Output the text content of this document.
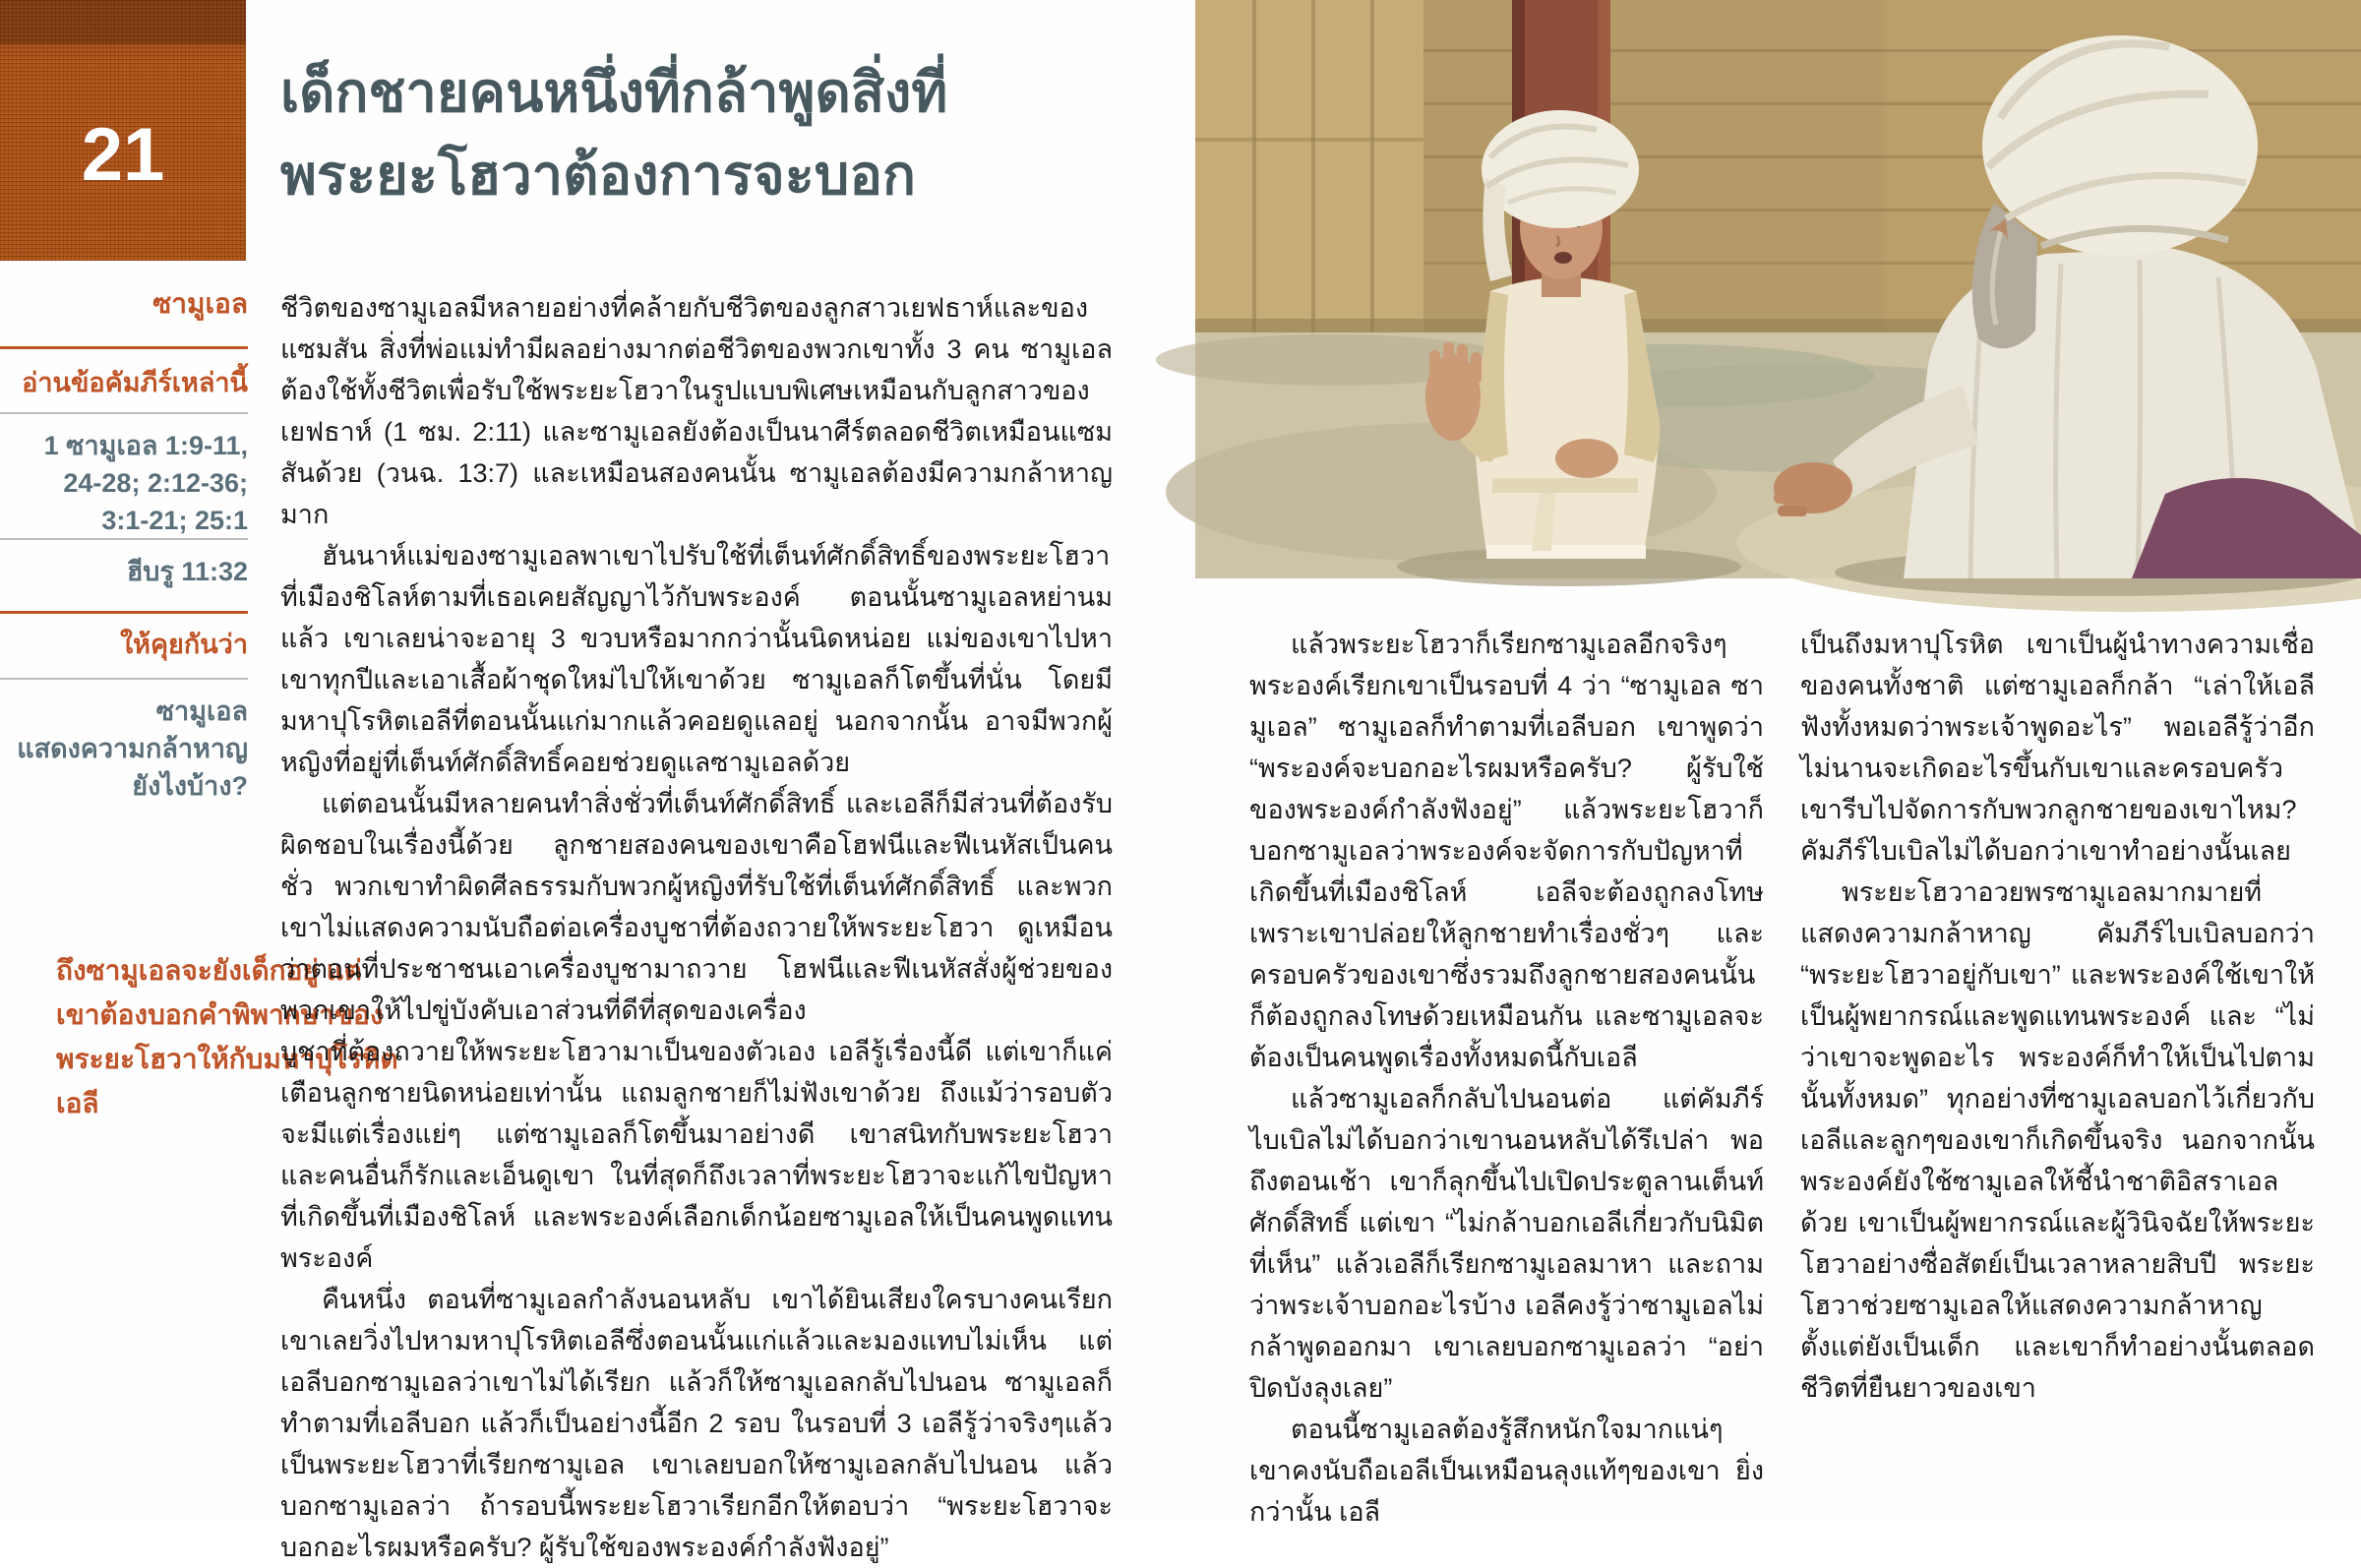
21
ซามูเอล
อ่านข้อคัมภีร์เหล่านี้
1 ซามูเอล 1:9-11,
24-28; 2:12-36;
3:1-21; 25:1
ฮีบรู 11:32
ให้คุยกันว่า
ซามูเอล
แสดงความกล้าหาญ
ยังไงบ้าง?
ถึงซามูเอลจะยังเด็กอยู่ แต่เขาต้องบอกคำพิพากษาของพระยะโฮวาให้กับมหาปุโรหิตเอลี
เด็กชายคนหนึ่งที่กล้าพูดสิ่งที่
พระยะโฮวาต้องการจะบอก

ชีวิตของซามูเอลมีหลายอย่างที่คล้ายกับชีวิตของลูกสาวเยฟธาห์และของแซมสัน สิ่งที่พ่อแม่ทำมีผลอย่างมากต่อชีวิตของพวกเขาทั้ง 3 คน ซามูเอลต้องใช้ทั้งชีวิตเพื่อรับใช้พระยะโฮวาในรูปแบบพิเศษเหมือนกับลูกสาวของเยฟธาห์ (1 ซม. 2:11) และซามูเอลยังต้องเป็นนาศีร์ตลอดชีวิตเหมือนแซมสันด้วย (วนฉ. 13:7) และเหมือนสองคนนั้น ซามูเอลต้องมีความกล้าหาญมาก

ฮันนาห์แม่ของซามูเอลพาเขาไปรับใช้ที่เต็นท์ศักดิ์สิทธิ์ของพระยะโฮวาที่เมืองชิโลห์ตามที่เธอเคยสัญญาไว้กับพระองค์ ตอนนั้นซามูเอลหย่านมแล้ว เขาเลยน่าจะอายุ 3 ขวบหรือมากกว่านั้นนิดหน่อย แม่ของเขาไปหาเขาทุกปีและเอาเสื้อผ้าชุดใหม่ไปให้เขาด้วย ซามูเอลก็โตขึ้นที่นั่น โดยมีมหาปุโรหิตเอลีที่ตอนนั้นแก่มากแล้วคอยดูแลอยู่ นอกจากนั้น อาจมีพวกผู้หญิงที่อยู่ที่เต็นท์ศักดิ์สิทธิ์คอยช่วยดูแลซามูเอลด้วย

แต่ตอนนั้นมีหลายคนทำสิ่งชั่วที่เต็นท์ศักดิ์สิทธิ์ และเอลีก็มีส่วนที่ต้องรับผิดชอบในเรื่องนี้ด้วย ลูกชายสองคนของเขาคือโฮฟนีและฟีเนหัสเป็นคนชั่ว พวกเขาทำผิดศีลธรรมกับพวกผู้หญิงที่รับใช้ที่เต็นท์ศักดิ์สิทธิ์ และพวกเขาไม่แสดงความนับถือต่อเครื่องบูชาที่ต้องถวายให้พระยะโฮวา ดูเหมือนว่าตอนที่ประชาชนเอาเครื่องบูชามาถวาย โฮฟนีและฟีเนหัสสั่งผู้ช่วยของพวกเขาให้ไปขู่บังคับเอาส่วนที่ดีที่สุดของเครื่อง

บูชาที่ต้องถวายให้พระยะโฮวามาเป็นของตัวเอง เอลีรู้เรื่องนี้ดี แต่เขาก็แค่เตือนลูกชายนิดหน่อยเท่านั้น แถมลูกชายก็ไม่ฟังเขาด้วย ถึงแม้ว่ารอบตัวจะมีแต่เรื่องแย่ๆ แต่ซามูเอลก็โตขึ้นมาอย่างดี เขาสนิทกับพระยะโฮวา และคนอื่นก็รักและเอ็นดูเขา ในที่สุดก็ถึงเวลาที่พระยะโฮวาจะแก้ไขปัญหาที่เกิดขึ้นที่เมืองชิโลห์ และพระองค์เลือกเด็กน้อยซามูเอลให้เป็นคนพูดแทนพระองค์

คืนหนึ่ง ตอนที่ซามูเอลกำลังนอนหลับ เขาได้ยินเสียงใครบางคนเรียก เขาเลยวิ่งไปหามหาปุโรหิตเอลีซึ่งตอนนั้นแก่แล้วและมองแทบไม่เห็น แต่เอลีบอกซามูเอลว่าเขาไม่ได้เรียก แล้วก็ให้ซามูเอลกลับไปนอน ซามูเอลก็ทำตามที่เอลีบอก แล้วก็เป็นอย่างนี้อีก 2 รอบ ในรอบที่ 3 เอลีรู้ว่าจริงๆแล้วเป็นพระยะโฮวาที่เรียกซามูเอล เขาเลยบอกให้ซามูเอลกลับไปนอน แล้วบอกซามูเอลว่า ถ้ารอบนี้พระยะโฮวาเรียกอีกให้ตอบว่า “พระยะโฮวาจะบอกอะไรผมหรือครับ? ผู้รับใช้ของพระองค์กำลังฟังอยู่”

แล้วพระยะโฮวาก็เรียกซามูเอลอีกจริงๆ พระองค์เรียกเขาเป็นรอบที่ 4 ว่า “ซามูเอล ซามูเอล” ซามูเอลก็ทำตามที่เอลีบอก เขาพูดว่า “พระองค์จะบอกอะไรผมหรือครับ? ผู้รับใช้ของพระองค์กำลังฟังอยู่” แล้วพระยะโฮวาก็บอกซามูเอลว่าพระองค์จะจัดการกับปัญหาที่เกิดขึ้นที่เมืองชิโลห์ เอลีจะต้องถูกลงโทษเพราะเขาปล่อยให้ลูกชายทำเรื่องชั่วๆ และครอบครัวของเขาซึ่งรวมถึงลูกชายสองคนนั้นก็ต้องถูกลงโทษด้วยเหมือนกัน และซามูเอลจะต้องเป็นคนพูดเรื่องทั้งหมดนี้กับเอลี

แล้วซามูเอลก็กลับไปนอนต่อ แต่คัมภีร์ไบเบิลไม่ได้บอกว่าเขานอนหลับได้รึเปล่า พอถึงตอนเช้า เขาก็ลุกขึ้นไปเปิดประตูลานเต็นท์ศักดิ์สิทธิ์ แต่เขา “ไม่กล้าบอกเอลีเกี่ยวกับนิมิตที่เห็น” แล้วเอลีก็เรียกซามูเอลมาหา และถามว่าพระเจ้าบอกอะไรบ้าง เอลีคงรู้ว่าซามูเอลไม่กล้าพูดออกมา เขาเลยบอกซามูเอลว่า “อย่าปิดบังลุงเลย”

ตอนนี้ซามูเอลต้องรู้สึกหนักใจมากแน่ๆ เขาคงนับถือเอลีเป็นเหมือนลุงแท้ๆของเขา ยิ่งกว่านั้น เอลี

เป็นถึงมหาปุโรหิต เขาเป็นผู้นำทางความเชื่อของคนทั้งชาติ แต่ซามูเอลก็กล้า “เล่าให้เอลีฟังทั้งหมดว่าพระเจ้าพูดอะไร” พอเอลีรู้ว่าอีกไม่นานจะเกิดอะไรขึ้นกับเขาและครอบครัว เขารีบไปจัดการกับพวกลูกชายของเขาไหม? คัมภีร์ไบเบิลไม่ได้บอกว่าเขาทำอย่างนั้นเลย

พระยะโฮวาอวยพรซามูเอลมากมายที่แสดงความกล้าหาญ คัมภีร์ไบเบิลบอกว่า “พระยะโฮวาอยู่กับเขา” และพระองค์ใช้เขาให้เป็นผู้พยากรณ์และพูดแทนพระองค์ และ “ไม่ว่าเขาจะพูดอะไร พระองค์ก็ทำให้เป็นไปตามนั้นทั้งหมด” ทุกอย่างที่ซามูเอลบอกไว้เกี่ยวกับเอลีและลูกๆของเขาก็เกิดขึ้นจริง นอกจากนั้น พระองค์ยังใช้ซามูเอลให้ชี้นำชาติอิสราเอลด้วย เขาเป็นผู้พยากรณ์และผู้วินิจฉัยให้พระยะโฮวาอย่างซื่อสัตย์เป็นเวลาหลายสิบปี พระยะโฮวาช่วยซามูเอลให้แสดงความกล้าหาญตั้งแต่ยังเป็นเด็ก และเขาก็ทำอย่างนั้นตลอดชีวิตที่ยืนยาวของเขา
